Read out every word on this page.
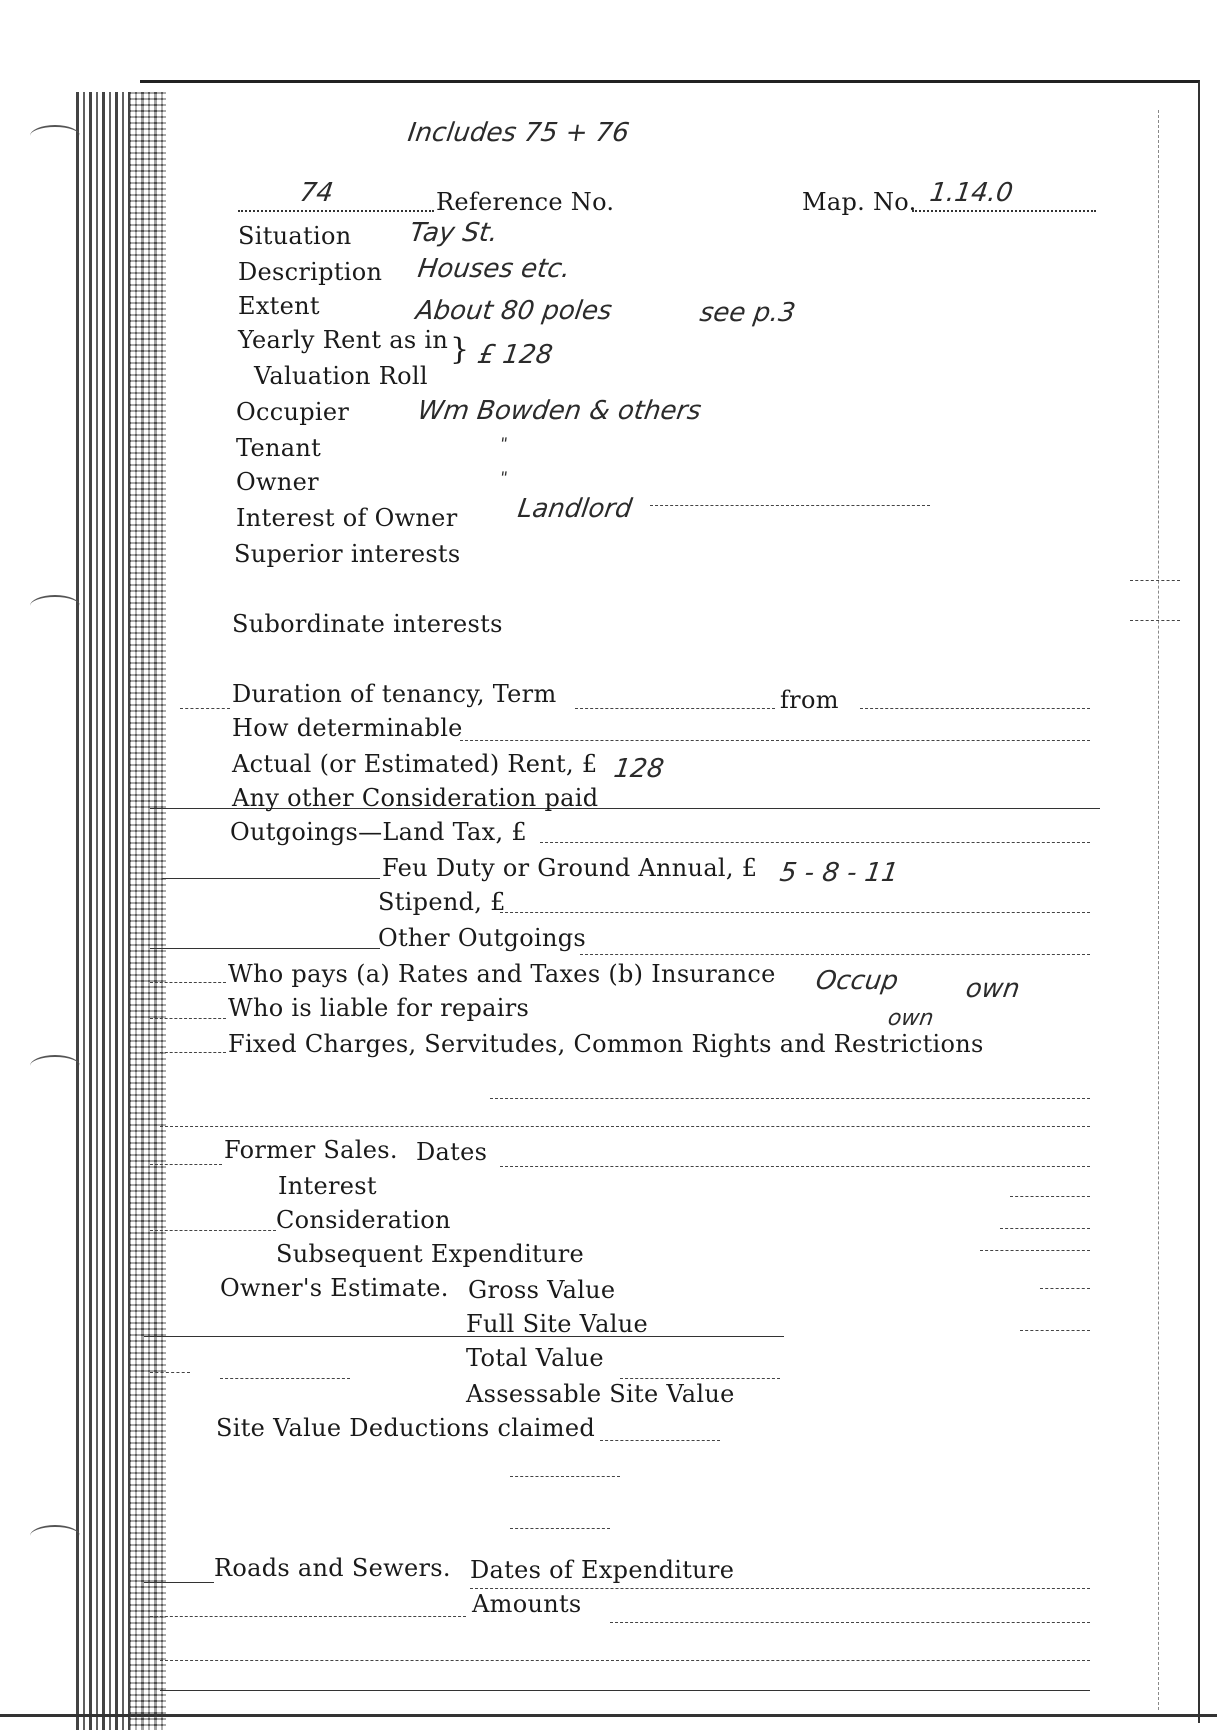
Includes 75 + 76
74	Reference No.	Map. No. 1.14.0
Situation Tay St.
Description Houses etc.
Extent	About 80 poles	see p.3
Yearly Rent as in
Valuation Roll
} £ 128
Occupier	Wm Bowden & others
Tenant	"
Owner	"
Interest of Owner Landlord
Superior interests
Subordinate interests
Duration of tenancy, Term	from
How determinable
Actual (or Estimated) Rent, £ 128
Any other Consideration paid
Outgoings—Land Tax, £
Feu Duty or Ground Annual, £ 5 - 8 - 11
Stipend, £
Other Outgoings
Who pays (a) Rates and Taxes (b) Insurance Occup own
Who is liable for repairs	own
Fixed Charges, Servitudes, Common Rights and Restrictions
Former Sales. Dates
Interest
Consideration
Subsequent Expenditure
Owner's Estimate. Gross Value
Full Site Value
Total Value
Assessable Site Value
Site Value Deductions claimed
Roads and Sewers. Dates of Expenditure
Amounts
